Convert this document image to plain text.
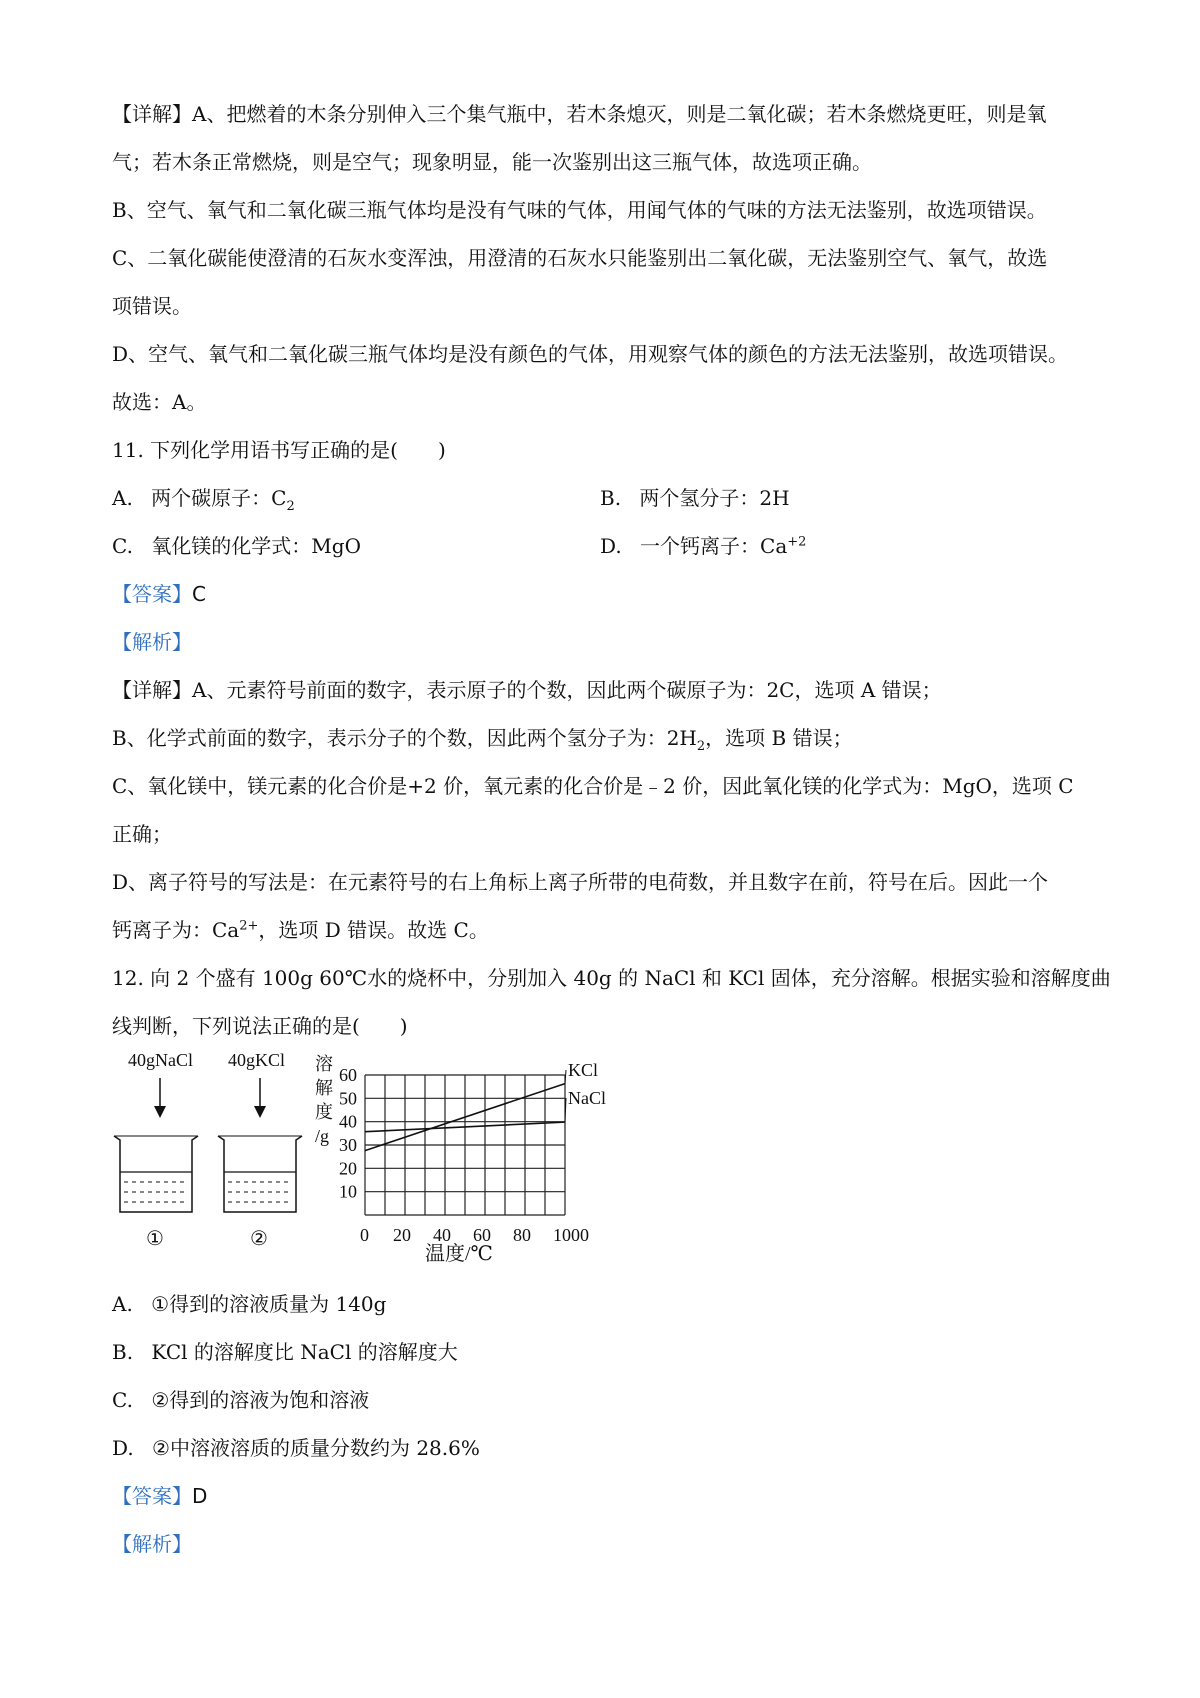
【详解】A、把燃着的木条分别伸入三个集气瓶中，若木条熄灭，则是二氧化碳；若木条燃烧更旺，则是氧
气；若木条正常燃烧，则是空气；现象明显，能一次鉴别出这三瓶气体，故选项正确。
B、空气、氧气和二氧化碳三瓶气体均是没有气味的气体，用闻气体的气味的方法无法鉴别，故选项错误。
C、二氧化碳能使澄清的石灰水变浑浊，用澄清的石灰水只能鉴别出二氧化碳，无法鉴别空气、氧气，故选
项错误。
D、空气、氧气和二氧化碳三瓶气体均是没有颜色的气体，用观察气体的颜色的方法无法鉴别，故选项错误。
故选：A。
11. 下列化学用语书写正确的是(　　)
A. 两个碳原子：$C_2$	B. 两个氢分子：2H
C. 氧化镁的化学式：MgO	D. 一个钙离子：$Ca^{+2}$
【答案】C
【解析】
【详解】A、元素符号前面的数字，表示原子的个数，因此两个碳原子为：2C，选项 A 错误；
B、化学式前面的数字，表示分子的个数，因此两个氢分子为：$2H_2$，选项 B 错误；
C、氧化镁中，镁元素的化合价是+2 价，氧元素的化合价是﹣2 价，因此氧化镁的化学式为：MgO，选项 C
正确；
D、离子符号的写法是：在元素符号的右上角标上离子所带的电荷数，并且数字在前，符号在后。因此一个
钙离子为：$Ca^{2+}$，选项 D 错误。故选 C。
12. 向 2 个盛有 100g 60℃水的烧杯中，分别加入 40g 的 NaCl 和 KCl 固体，充分溶解。根据实验和溶解度曲
线判断，下列说法正确的是(　　)
40gNaCl
①
40gKCl
②
溶
解
度
/g
60
50
40
30
20
10
0 20 40 60 80 1000
温度/℃
KCl
NaCl
A. ①得到的溶液质量为 140g
B. KCl 的溶解度比 NaCl 的溶解度大
C. ②得到的溶液为饱和溶液
D. ②中溶液溶质的质量分数约为 28.6%
【答案】D
【解析】
